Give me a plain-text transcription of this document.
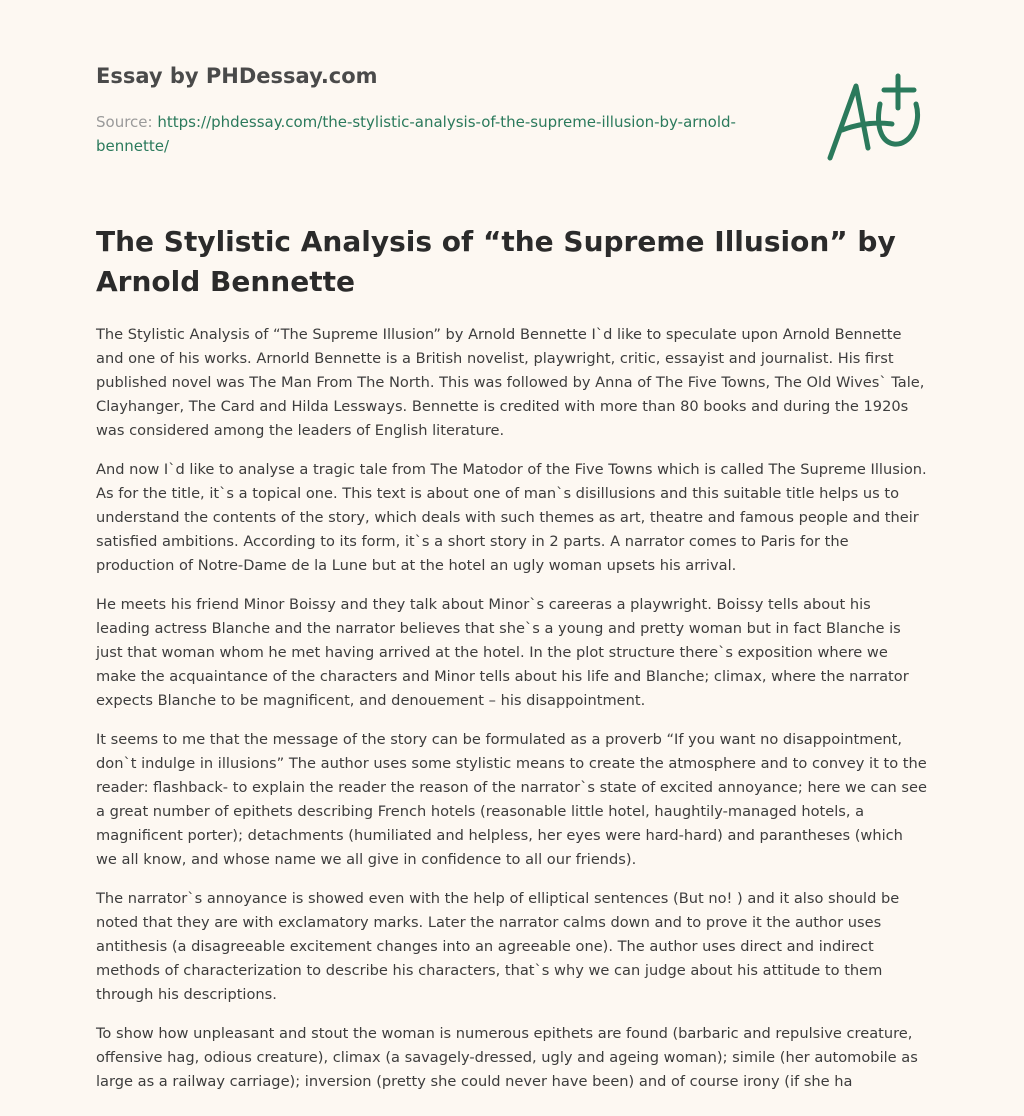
Essay by PHDessay.com
Source: https://phdessay.com/the-stylistic-analysis-of-the-supreme-illusion-by-arnold-bennette/
The Stylistic Analysis of “the Supreme Illusion” by Arnold Bennette

The Stylistic Analysis of “The Supreme Illusion” by Arnold Bennette I`d like to speculate upon Arnold Bennette and one of his works. Arnorld Bennette is a British novelist, playwright, critic, essayist and journalist. His first published novel was The Man From The North. This was followed by Anna of The Five Towns, The Old Wives` Tale, Clayhanger, The Card and Hilda Lessways. Bennette is credited with more than 80 books and during the 1920s was considered among the leaders of English literature.

And now I`d like to analyse a tragic tale from The Matodor of the Five Towns which is called The Supreme Illusion. As for the title, it`s a topical one. This text is about one of man`s disillusions and this suitable title helps us to understand the contents of the story, which deals with such themes as art, theatre and famous people and their satisfied ambitions. According to its form, it`s a short story in 2 parts. A narrator comes to Paris for the production of Notre-Dame de la Lune but at the hotel an ugly woman upsets his arrival.

He meets his friend Minor Boissy and they talk about Minor`s careeras a playwright. Boissy tells about his leading actress Blanche and the narrator believes that she`s a young and pretty woman but in fact Blanche is just that woman whom he met having arrived at the hotel. In the plot structure there`s exposition where we make the acquaintance of the characters and Minor tells about his life and Blanche; climax, where the narrator expects Blanche to be magnificent, and denouement – his disappointment.

It seems to me that the message of the story can be formulated as a proverb “If you want no disappointment, don`t indulge in illusions” The author uses some stylistic means to create the atmosphere and to convey it to the reader: flashback- to explain the reader the reason of the narrator`s state of excited annoyance; here we can see a great number of epithets describing French hotels (reasonable little hotel, haughtily-managed hotels, a magnificent porter); detachments (humiliated and helpless, her eyes were hard-hard) and parantheses (which we all know, and whose name we all give in confidence to all our friends).

The narrator`s annoyance is showed even with the help of elliptical sentences (But no! ) and it also should be noted that they are with exclamatory marks. Later the narrator calms down and to prove it the author uses antithesis (a disagreeable excitement changes into an agreeable one). The author uses direct and indirect methods of characterization to describe his characters, that`s why we can judge about his attitude to them through his descriptions.

To show how unpleasant and stout the woman is numerous epithets are found (barbaric and repulsive creature, offensive hag, odious creature), climax (a savagely-dressed, ugly and ageing woman); simile (her automobile as large as a railway carriage); inversion (pretty she could never have been) and of course irony (if she ha
